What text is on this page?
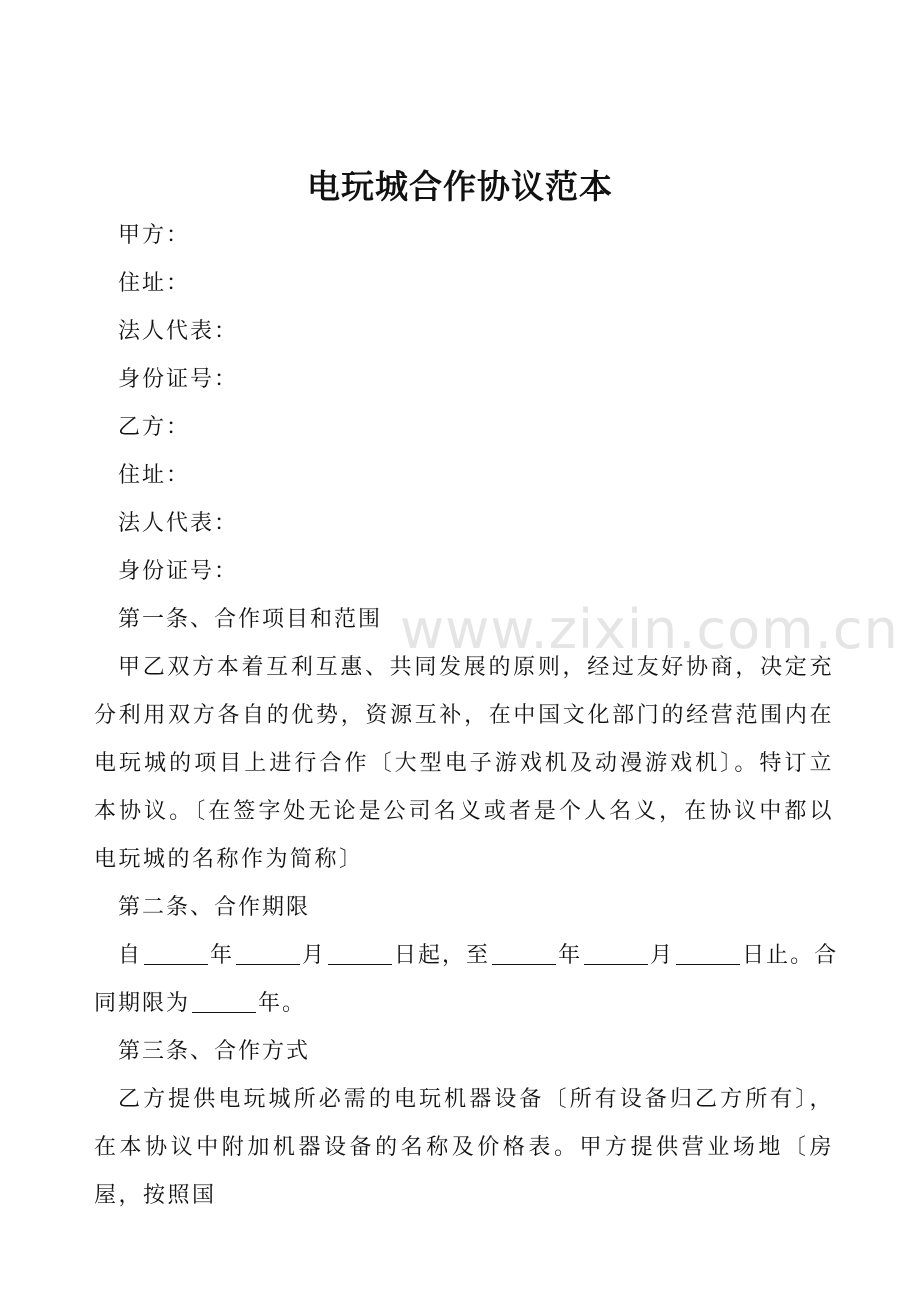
电玩城合作协议范本
www.zixin.com.cn
甲方：
住址：
法人代表：
身份证号：
乙方：
住址：
法人代表：
身份证号：
第一条、合作项目和范围
甲乙双方本着互利互惠、共同发展的原则，经过友好协商，决定充分利用双方各自的优势，资源互补，在中国文化部门的经营范围内在电玩城的项目上进行合作〔大型电子游戏机及动漫游戏机〕。特订立本协议。〔在签字处无论是公司名义或者是个人名义，在协议中都以电玩城的名称作为简称〕
第二条、合作期限
自	年	月	日起，至	年	月	日止。合
同期限为	年。
第三条、合作方式
乙方提供电玩城所必需的电玩机器设备〔所有设备归乙方所有〕，在本协议中附加机器设备的名称及价格表。甲方提供营业场地〔房屋，按照国
